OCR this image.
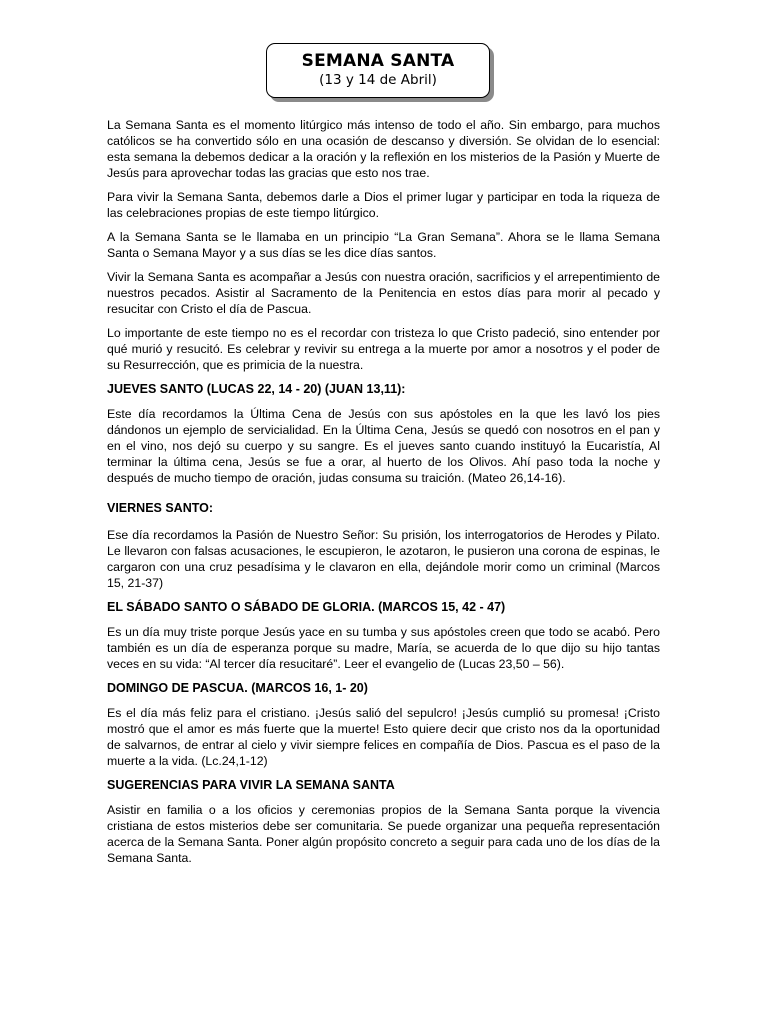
SEMANA SANTA
(13 y 14 de Abril)

La Semana Santa es el momento litúrgico más intenso de todo el año. Sin embargo, para muchos católicos se ha convertido sólo en una ocasión de descanso y diversión. Se olvidan de lo esencial: esta semana la debemos dedicar a la oración y la reflexión en los misterios de la Pasión y Muerte de Jesús para aprovechar todas las gracias que esto nos trae.

Para vivir la Semana Santa, debemos darle a Dios el primer lugar y participar en toda la riqueza de las celebraciones propias de este tiempo litúrgico.

A la Semana Santa se le llamaba en un principio “La Gran Semana”. Ahora se le llama Semana Santa o Semana Mayor y a sus días se les dice días santos.

Vivir la Semana Santa es acompañar a Jesús con nuestra oración, sacrificios y el arrepentimiento de nuestros pecados. Asistir al Sacramento de la Penitencia en estos días para morir al pecado y resucitar con Cristo el día de Pascua.

Lo importante de este tiempo no es el recordar con tristeza lo que Cristo padeció, sino entender por qué murió y resucitó. Es celebrar y revivir su entrega a la muerte por amor a nosotros y el poder de su Resurrección, que es primicia de la nuestra.

JUEVES SANTO (LUCAS 22, 14 - 20) (JUAN 13,11):

Este día recordamos la Última Cena de Jesús con sus apóstoles en la que les lavó los pies dándonos un ejemplo de servicialidad. En la Última Cena, Jesús se quedó con nosotros en el pan y en el vino, nos dejó su cuerpo y su sangre. Es el jueves santo cuando instituyó la Eucaristía, Al terminar la última cena, Jesús se fue a orar, al huerto de los Olivos. Ahí paso toda la noche y después de mucho tiempo de oración, judas consuma su traición. (Mateo 26,14-16).

VIERNES SANTO:

Ese día recordamos la Pasión de Nuestro Señor: Su prisión, los interrogatorios de Herodes y Pilato. Le llevaron con falsas acusaciones, le escupieron, le azotaron, le pusieron una corona de espinas, le cargaron con una cruz pesadísima y le clavaron en ella, dejándole morir como un criminal (Marcos 15, 21-37)

EL SÁBADO SANTO O SÁBADO DE GLORIA. (MARCOS 15, 42 - 47)

Es un día muy triste porque Jesús yace en su tumba y sus apóstoles creen que todo se acabó. Pero también es un día de esperanza porque su madre, María, se acuerda de lo que dijo su hijo tantas veces en su vida: “Al tercer día resucitaré”. Leer el evangelio de (Lucas 23,50 – 56).

DOMINGO DE PASCUA. (MARCOS 16, 1- 20)

Es el día más feliz para el cristiano. ¡Jesús salió del sepulcro! ¡Jesús cumplió su promesa! ¡Cristo mostró que el amor es más fuerte que la muerte! Esto quiere decir que cristo nos da la oportunidad de salvarnos, de entrar al cielo y vivir siempre felices en compañía de Dios. Pascua es el paso de la muerte a la vida. (Lc.24,1-12)

SUGERENCIAS PARA VIVIR LA SEMANA SANTA

Asistir en familia o a los oficios y ceremonias propios de la Semana Santa porque la vivencia cristiana de estos misterios debe ser comunitaria. Se puede organizar una pequeña representación acerca de la Semana Santa. Poner algún propósito concreto a seguir para cada uno de los días de la Semana Santa.
